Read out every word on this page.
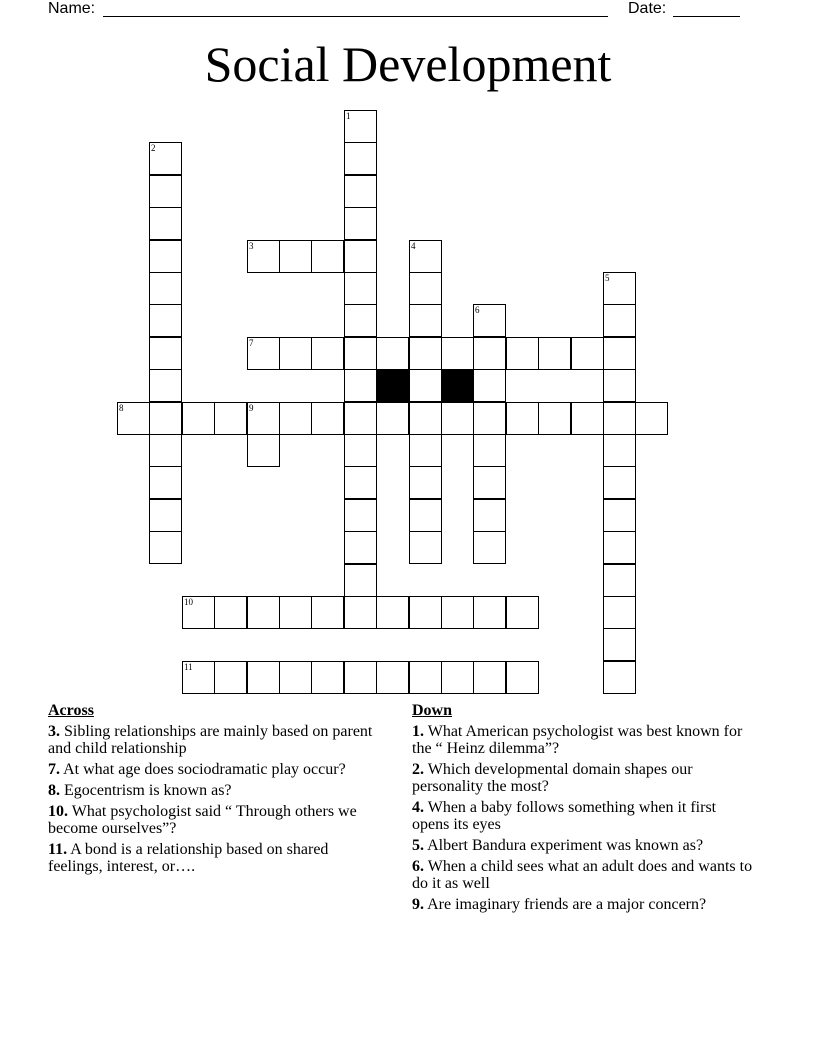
Name:	Date:
Social Development
1
2
4
5
6
9
3
7
8
10
11
Across
3. Sibling relationships are mainly based on parent and child relationship
7. At what age does sociodramatic play occur?
8. Egocentrism is known as?
10. What psychologist said “ Through others we become ourselves”?
11. A bond is a relationship based on shared feelings, interest, or….
Down
1. What American psychologist was best known for the “ Heinz dilemma”?
2. Which developmental domain shapes our personality the most?
4. When a baby follows something when it first opens its eyes
5. Albert Bandura experiment was known as?
6. When a child sees what an adult does and wants to do it as well
9. Are imaginary friends are a major concern?
